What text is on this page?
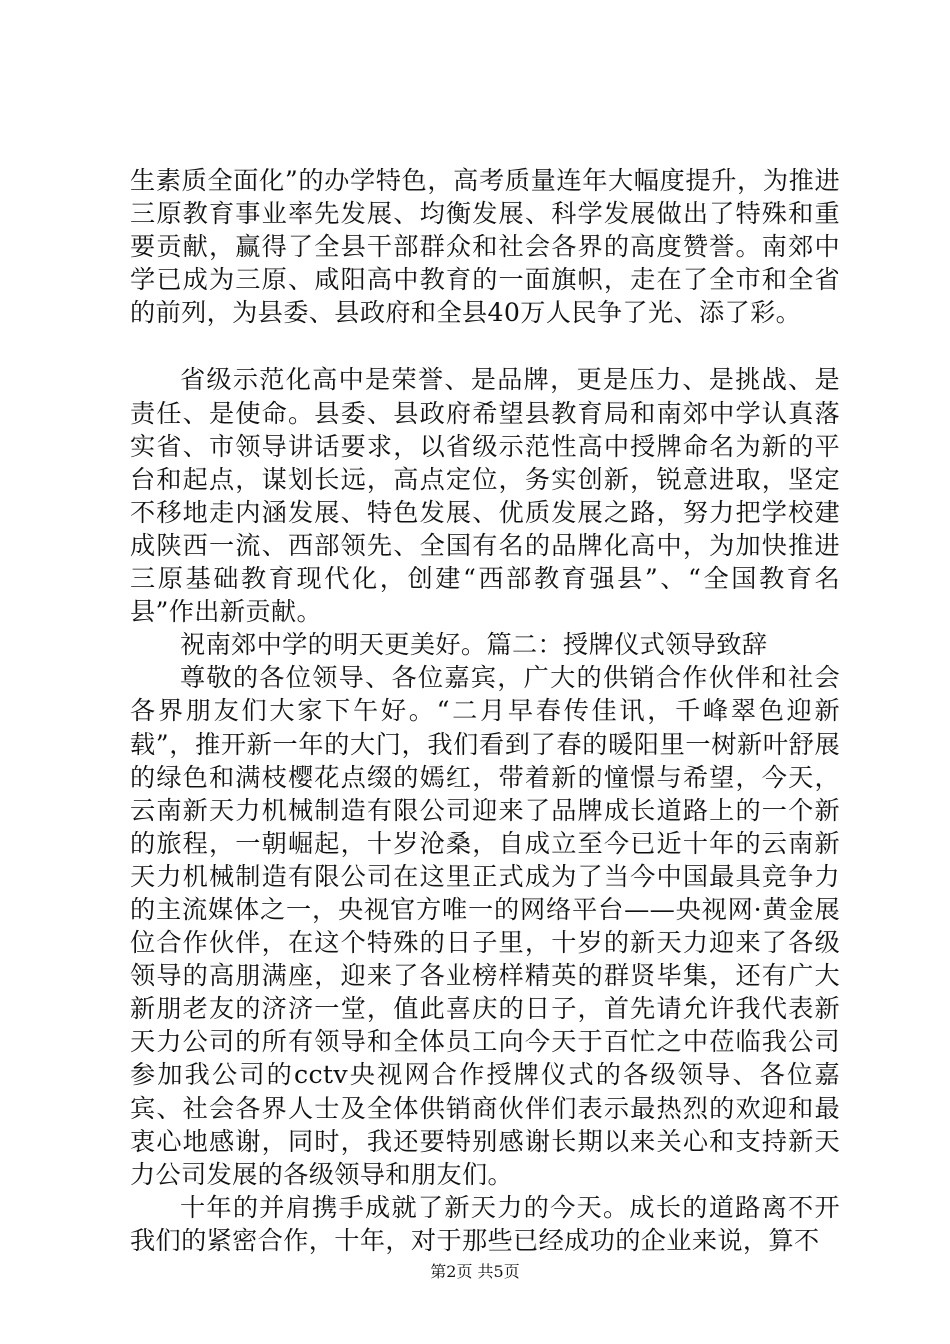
生素质全面化”的办学特色，高考质量连年大幅度提升，为推进三原教育事业率先发展、均衡发展、科学发展做出了特殊和重要贡献，赢得了全县干部群众和社会各界的高度赞誉。南郊中学已成为三原、咸阳高中教育的一面旗帜，走在了全市和全省的前列，为县委、县政府和全县40万人民争了光、添了彩。

省级示范化高中是荣誉、是品牌，更是压力、是挑战、是责任、是使命。县委、县政府希望县教育局和南郊中学认真落实省、市领导讲话要求，以省级示范性高中授牌命名为新的平台和起点，谋划长远，高点定位，务实创新，锐意进取，坚定不移地走内涵发展、特色发展、优质发展之路，努力把学校建成陕西一流、西部领先、全国有名的品牌化高中，为加快推进三原基础教育现代化，创建“西部教育强县”、“全国教育名县”作出新贡献。

祝南郊中学的明天更美好。篇二：授牌仪式领导致辞

尊敬的各位领导、各位嘉宾，广大的供销合作伙伴和社会各界朋友们大家下午好。“二月早春传佳讯，千峰翠色迎新载”，推开新一年的大门，我们看到了春的暖阳里一树新叶舒展的绿色和满枝樱花点缀的嫣红，带着新的憧憬与希望，今天，云南新天力机械制造有限公司迎来了品牌成长道路上的一个新的旅程，一朝崛起，十岁沧桑，自成立至今已近十年的云南新天力机械制造有限公司在这里正式成为了当今中国最具竞争力的主流媒体之一，央视官方唯一的网络平台——央视网·黄金展位合作伙伴，在这个特殊的日子里，十岁的新天力迎来了各级领导的高朋满座，迎来了各业榜样精英的群贤毕集，还有广大新朋老友的济济一堂，值此喜庆的日子，首先请允许我代表新天力公司的所有领导和全体员工向今天于百忙之中莅临我公司参加我公司的cctv央视网合作授牌仪式的各级领导、各位嘉宾、社会各界人士及全体供销商伙伴们表示最热烈的欢迎和最衷心地感谢，同时，我还要特别感谢长期以来关心和支持新天力公司发展的各级领导和朋友们。

十年的并肩携手成就了新天力的今天。成长的道路离不开我们的紧密合作，十年，对于那些已经成功的企业来说，算不

第2页 共5页
